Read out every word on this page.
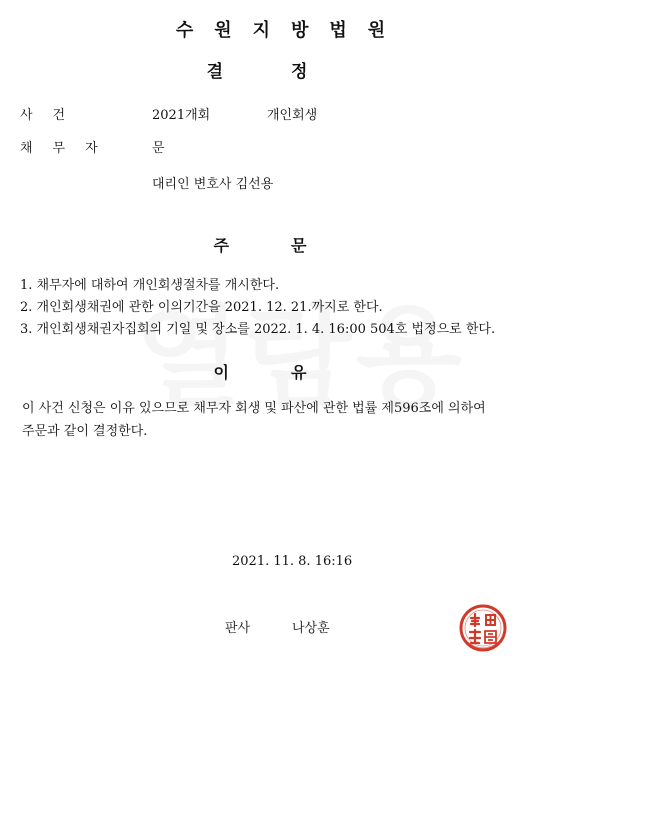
수원지방법원
결정
사건	2021개회	개인회생
채무자	문
대리인 변호사 김선용
주문
1. 채무자에 대하여 개인회생절차를 개시한다.
2. 개인회생채권에 관한 이의기간을 2021. 12. 21.까지로 한다.
3. 개인회생채권자집회의 기일 및 장소를 2022. 1. 4. 16:00 504호 법정으로 한다.
이유
이 사건 신청은 이유 있으므로 채무자 회생 및 파산에 관한 법률 제596조에 의하여
주문과 같이 결정한다.
2021. 11. 8. 16:16
판사	나상훈
